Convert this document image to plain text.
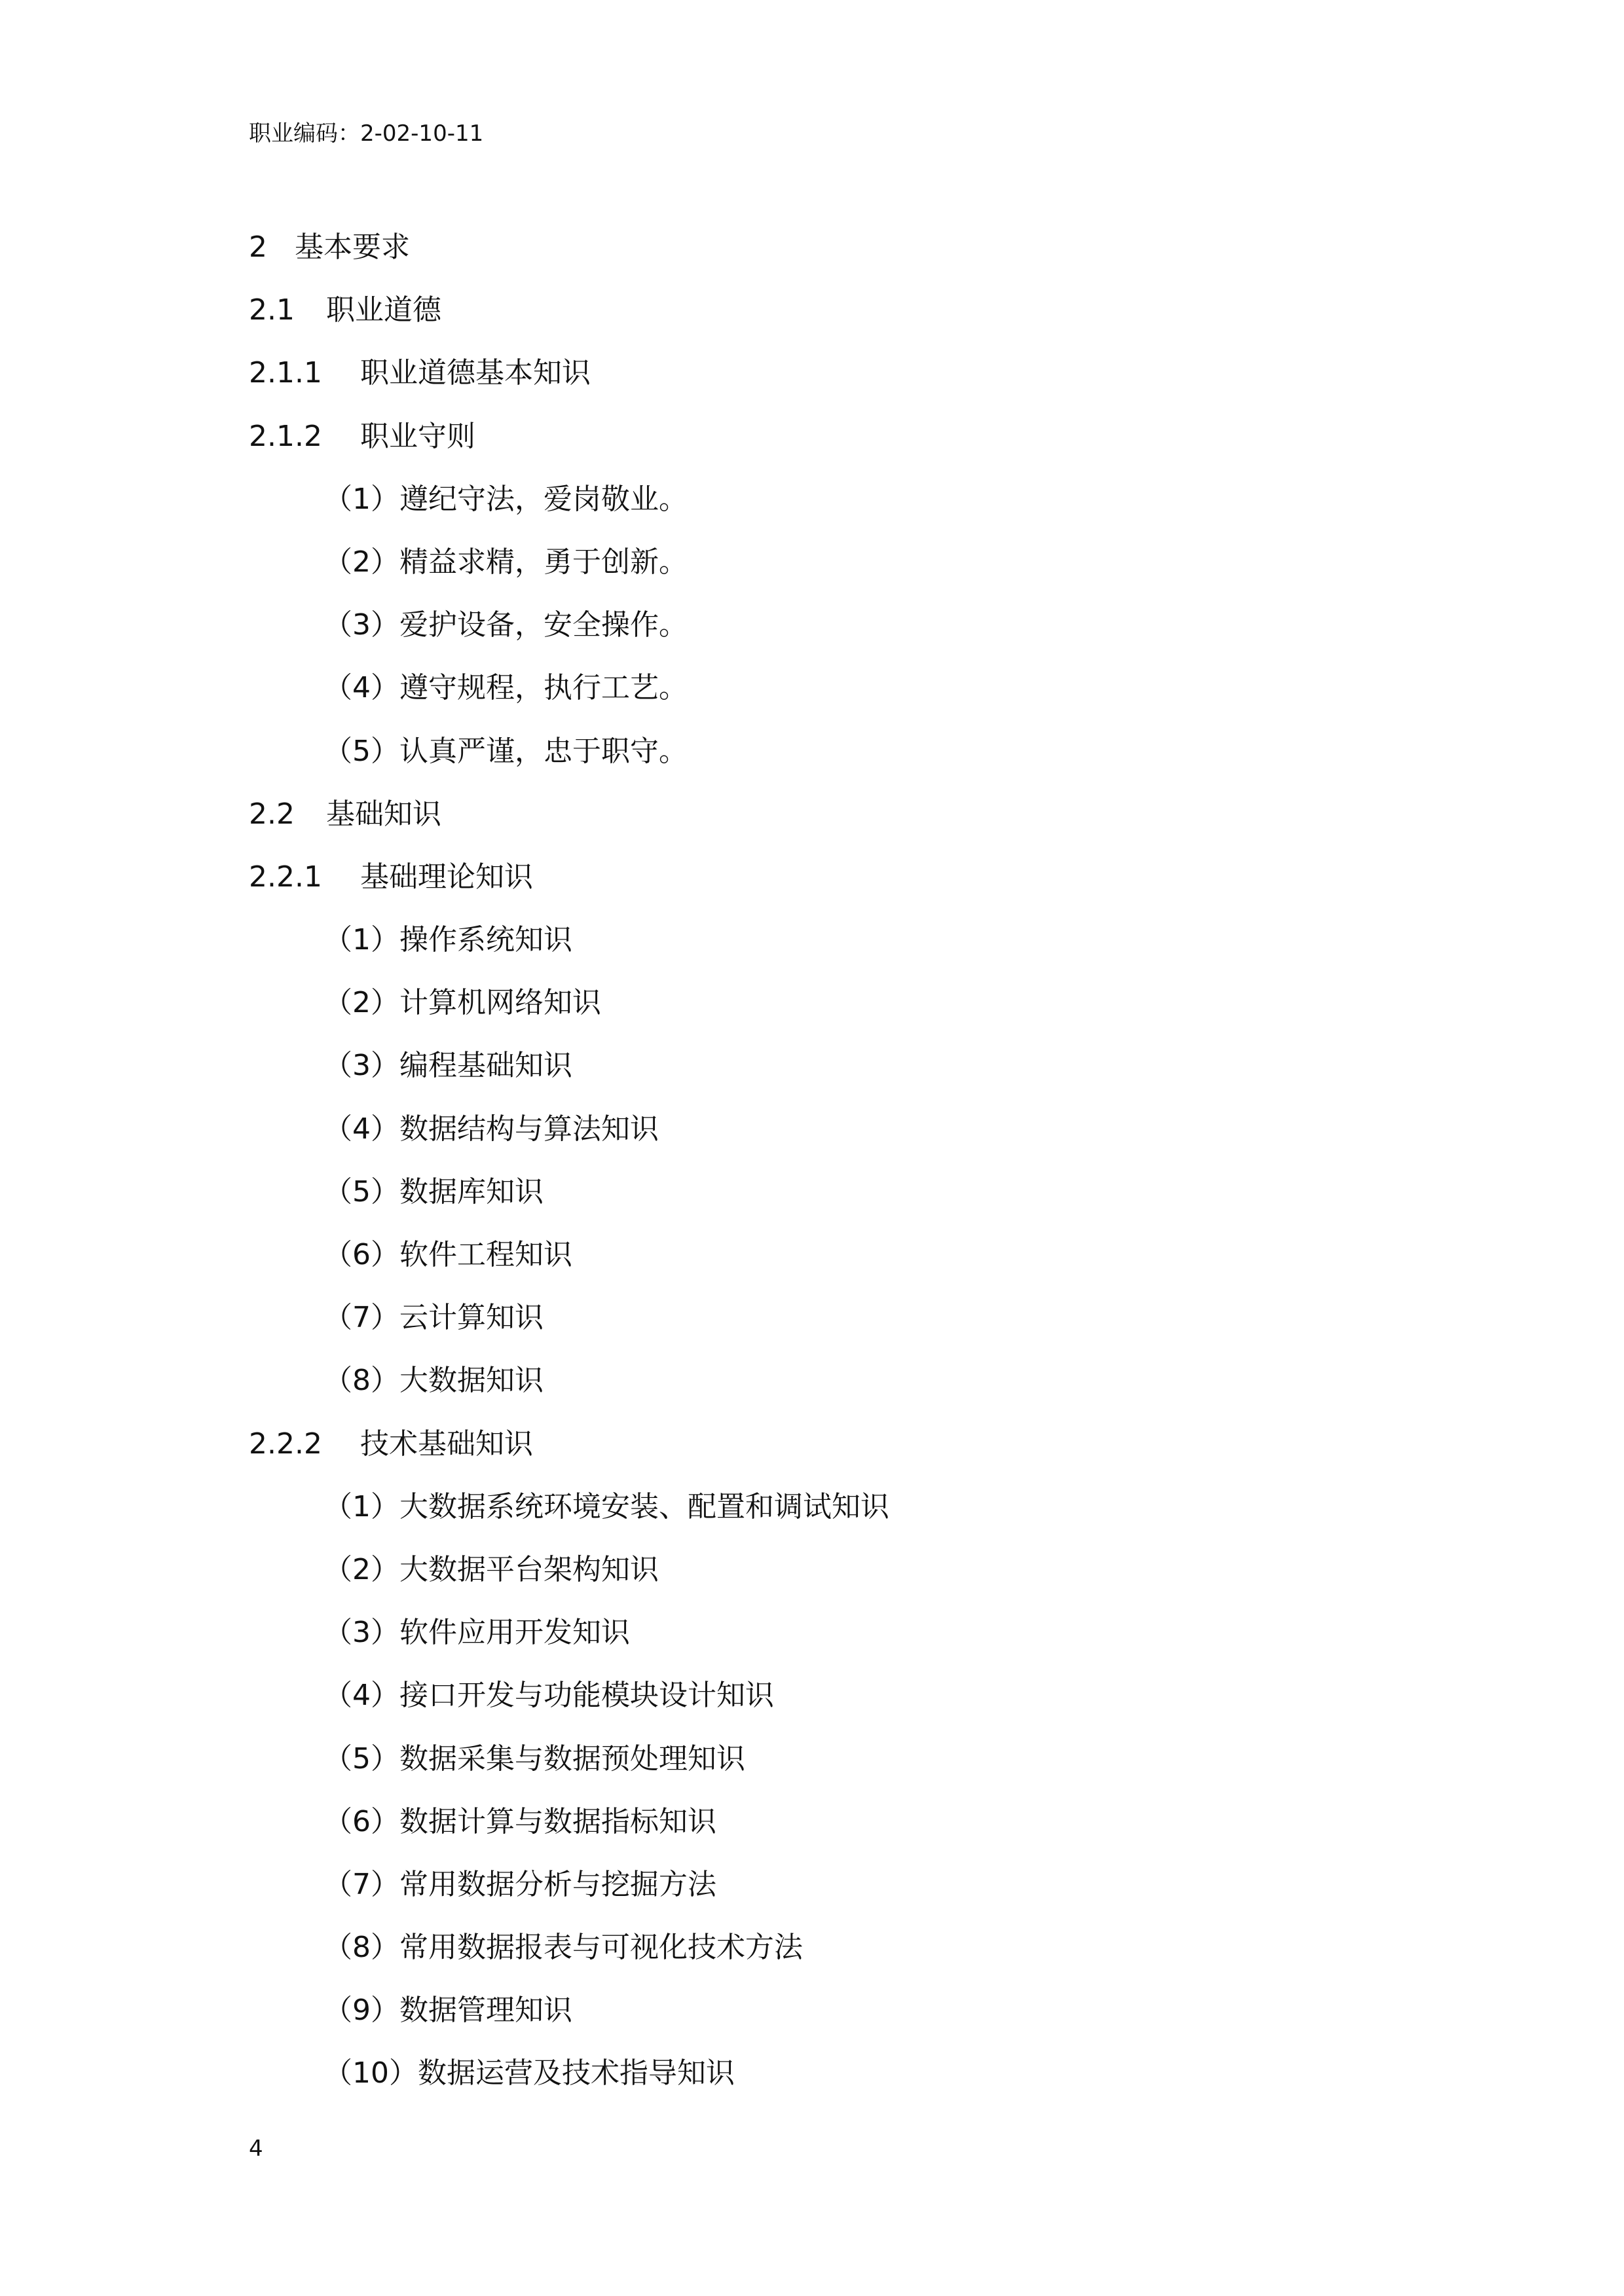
职业编码：2-02-10-11
2 基本要求
2.1 职业道德
2.1.1 职业道德基本知识
2.1.2 职业守则
（1）遵纪守法，爱岗敬业。
（2）精益求精，勇于创新。
（3）爱护设备，安全操作。
（4）遵守规程，执行工艺。
（5）认真严谨，忠于职守。
2.2 基础知识
2.2.1 基础理论知识
（1）操作系统知识
（2）计算机网络知识
（3）编程基础知识
（4）数据结构与算法知识
（5）数据库知识
（6）软件工程知识
（7）云计算知识
（8）大数据知识
2.2.2 技术基础知识
（1）大数据系统环境安装、配置和调试知识
（2）大数据平台架构知识
（3）软件应用开发知识
（4）接口开发与功能模块设计知识
（5）数据采集与数据预处理知识
（6）数据计算与数据指标知识
（7）常用数据分析与挖掘方法
（8）常用数据报表与可视化技术方法
（9）数据管理知识
（10）数据运营及技术指导知识
4
